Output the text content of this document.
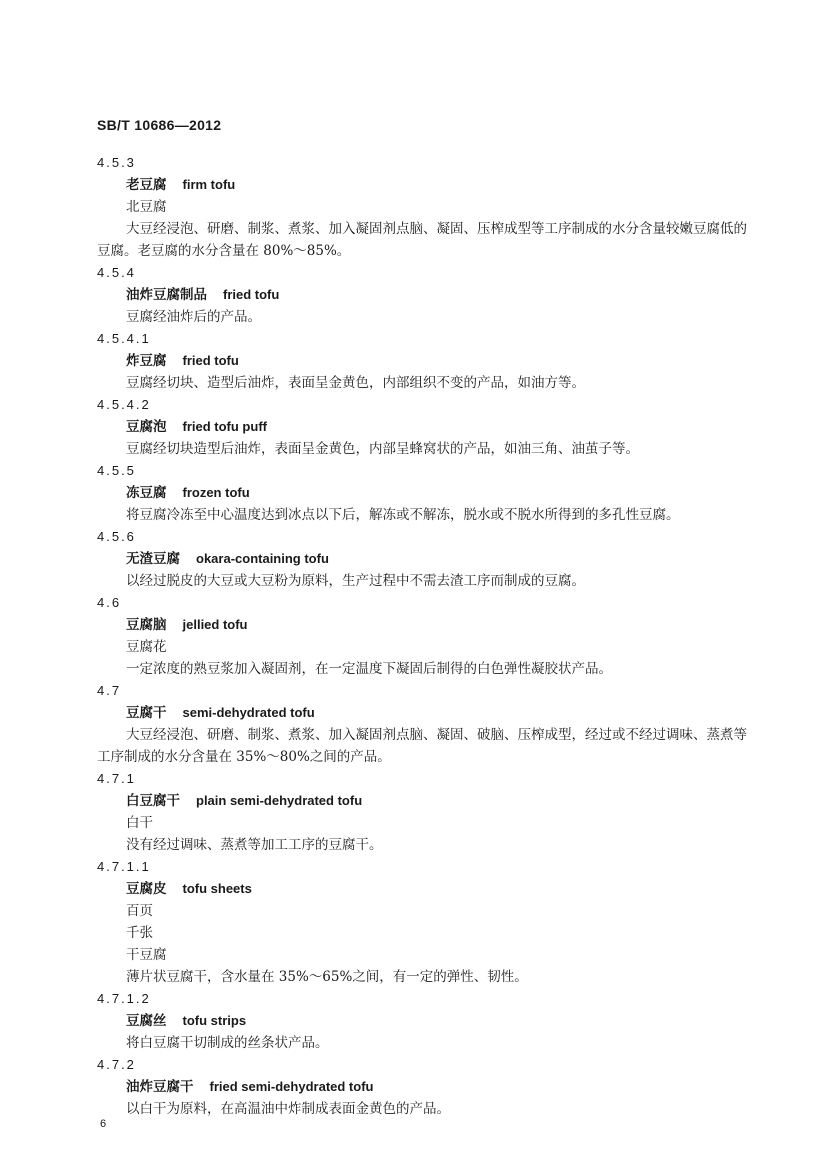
SB/T 10686—2012
4.5.3
老豆腐 firm tofu
北豆腐
大豆经浸泡、研磨、制浆、煮浆、加入凝固剂点脑、凝固、压榨成型等工序制成的水分含量较嫩豆腐低的豆腐。老豆腐的水分含量在 80%～85%。
4.5.4
油炸豆腐制品 fried tofu
豆腐经油炸后的产品。
4.5.4.1
炸豆腐 fried tofu
豆腐经切块、造型后油炸，表面呈金黄色，内部组织不变的产品，如油方等。
4.5.4.2
豆腐泡 fried tofu puff
豆腐经切块造型后油炸，表面呈金黄色，内部呈蜂窝状的产品，如油三角、油茧子等。
4.5.5
冻豆腐 frozen tofu
将豆腐冷冻至中心温度达到冰点以下后，解冻或不解冻，脱水或不脱水所得到的多孔性豆腐。
4.5.6
无渣豆腐 okara-containing tofu
以经过脱皮的大豆或大豆粉为原料，生产过程中不需去渣工序而制成的豆腐。
4.6
豆腐脑 jellied tofu
豆腐花
一定浓度的熟豆浆加入凝固剂，在一定温度下凝固后制得的白色弹性凝胶状产品。
4.7
豆腐干 semi-dehydrated tofu
大豆经浸泡、研磨、制浆、煮浆、加入凝固剂点脑、凝固、破脑、压榨成型，经过或不经过调味、蒸煮等工序制成的水分含量在 35%～80%之间的产品。
4.7.1
白豆腐干 plain semi-dehydrated tofu
白干
没有经过调味、蒸煮等加工工序的豆腐干。
4.7.1.1
豆腐皮 tofu sheets
百页
千张
干豆腐
薄片状豆腐干，含水量在 35%～65%之间，有一定的弹性、韧性。
4.7.1.2
豆腐丝 tofu strips
将白豆腐干切制成的丝条状产品。
4.7.2
油炸豆腐干 fried semi-dehydrated tofu
以白干为原料，在高温油中炸制成表面金黄色的产品。
6
